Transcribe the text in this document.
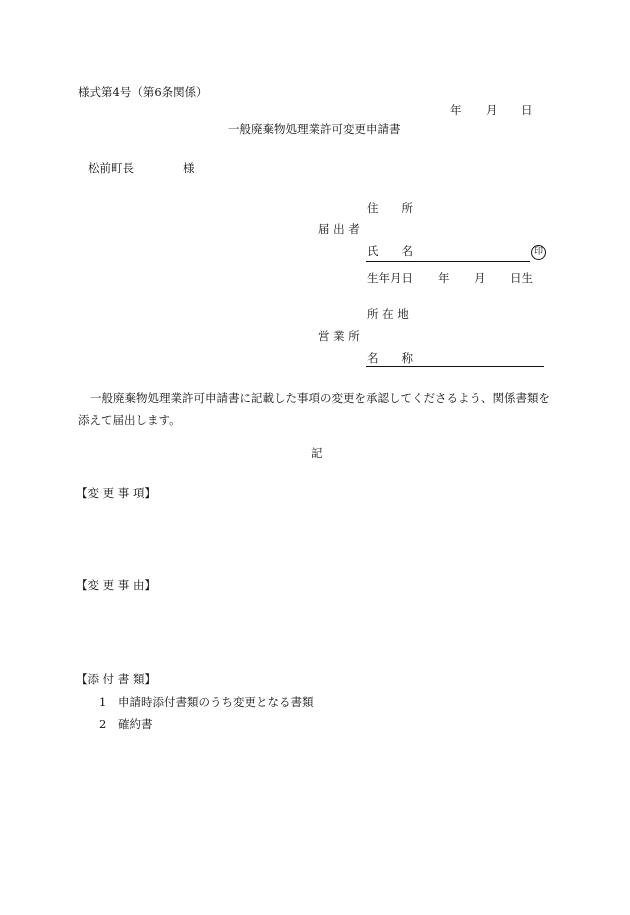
様式第4号（第6条関係）
年 月 日
一般廃棄物処理業許可変更申請書
松前町長	様
住　　所
届 出 者
氏　　名	印
生年月日 年 月 日生
所 在 地
営 業 所
名　　称
一般廃棄物処理業許可申請書に記載した事項の変更を承認してくださるよう、関係書類を添えて届出します。
記
【変 更 事 項】
【変 更 事 由】
【添 付 書 類】
1 申請時添付書類のうち変更となる書類
2 確約書
